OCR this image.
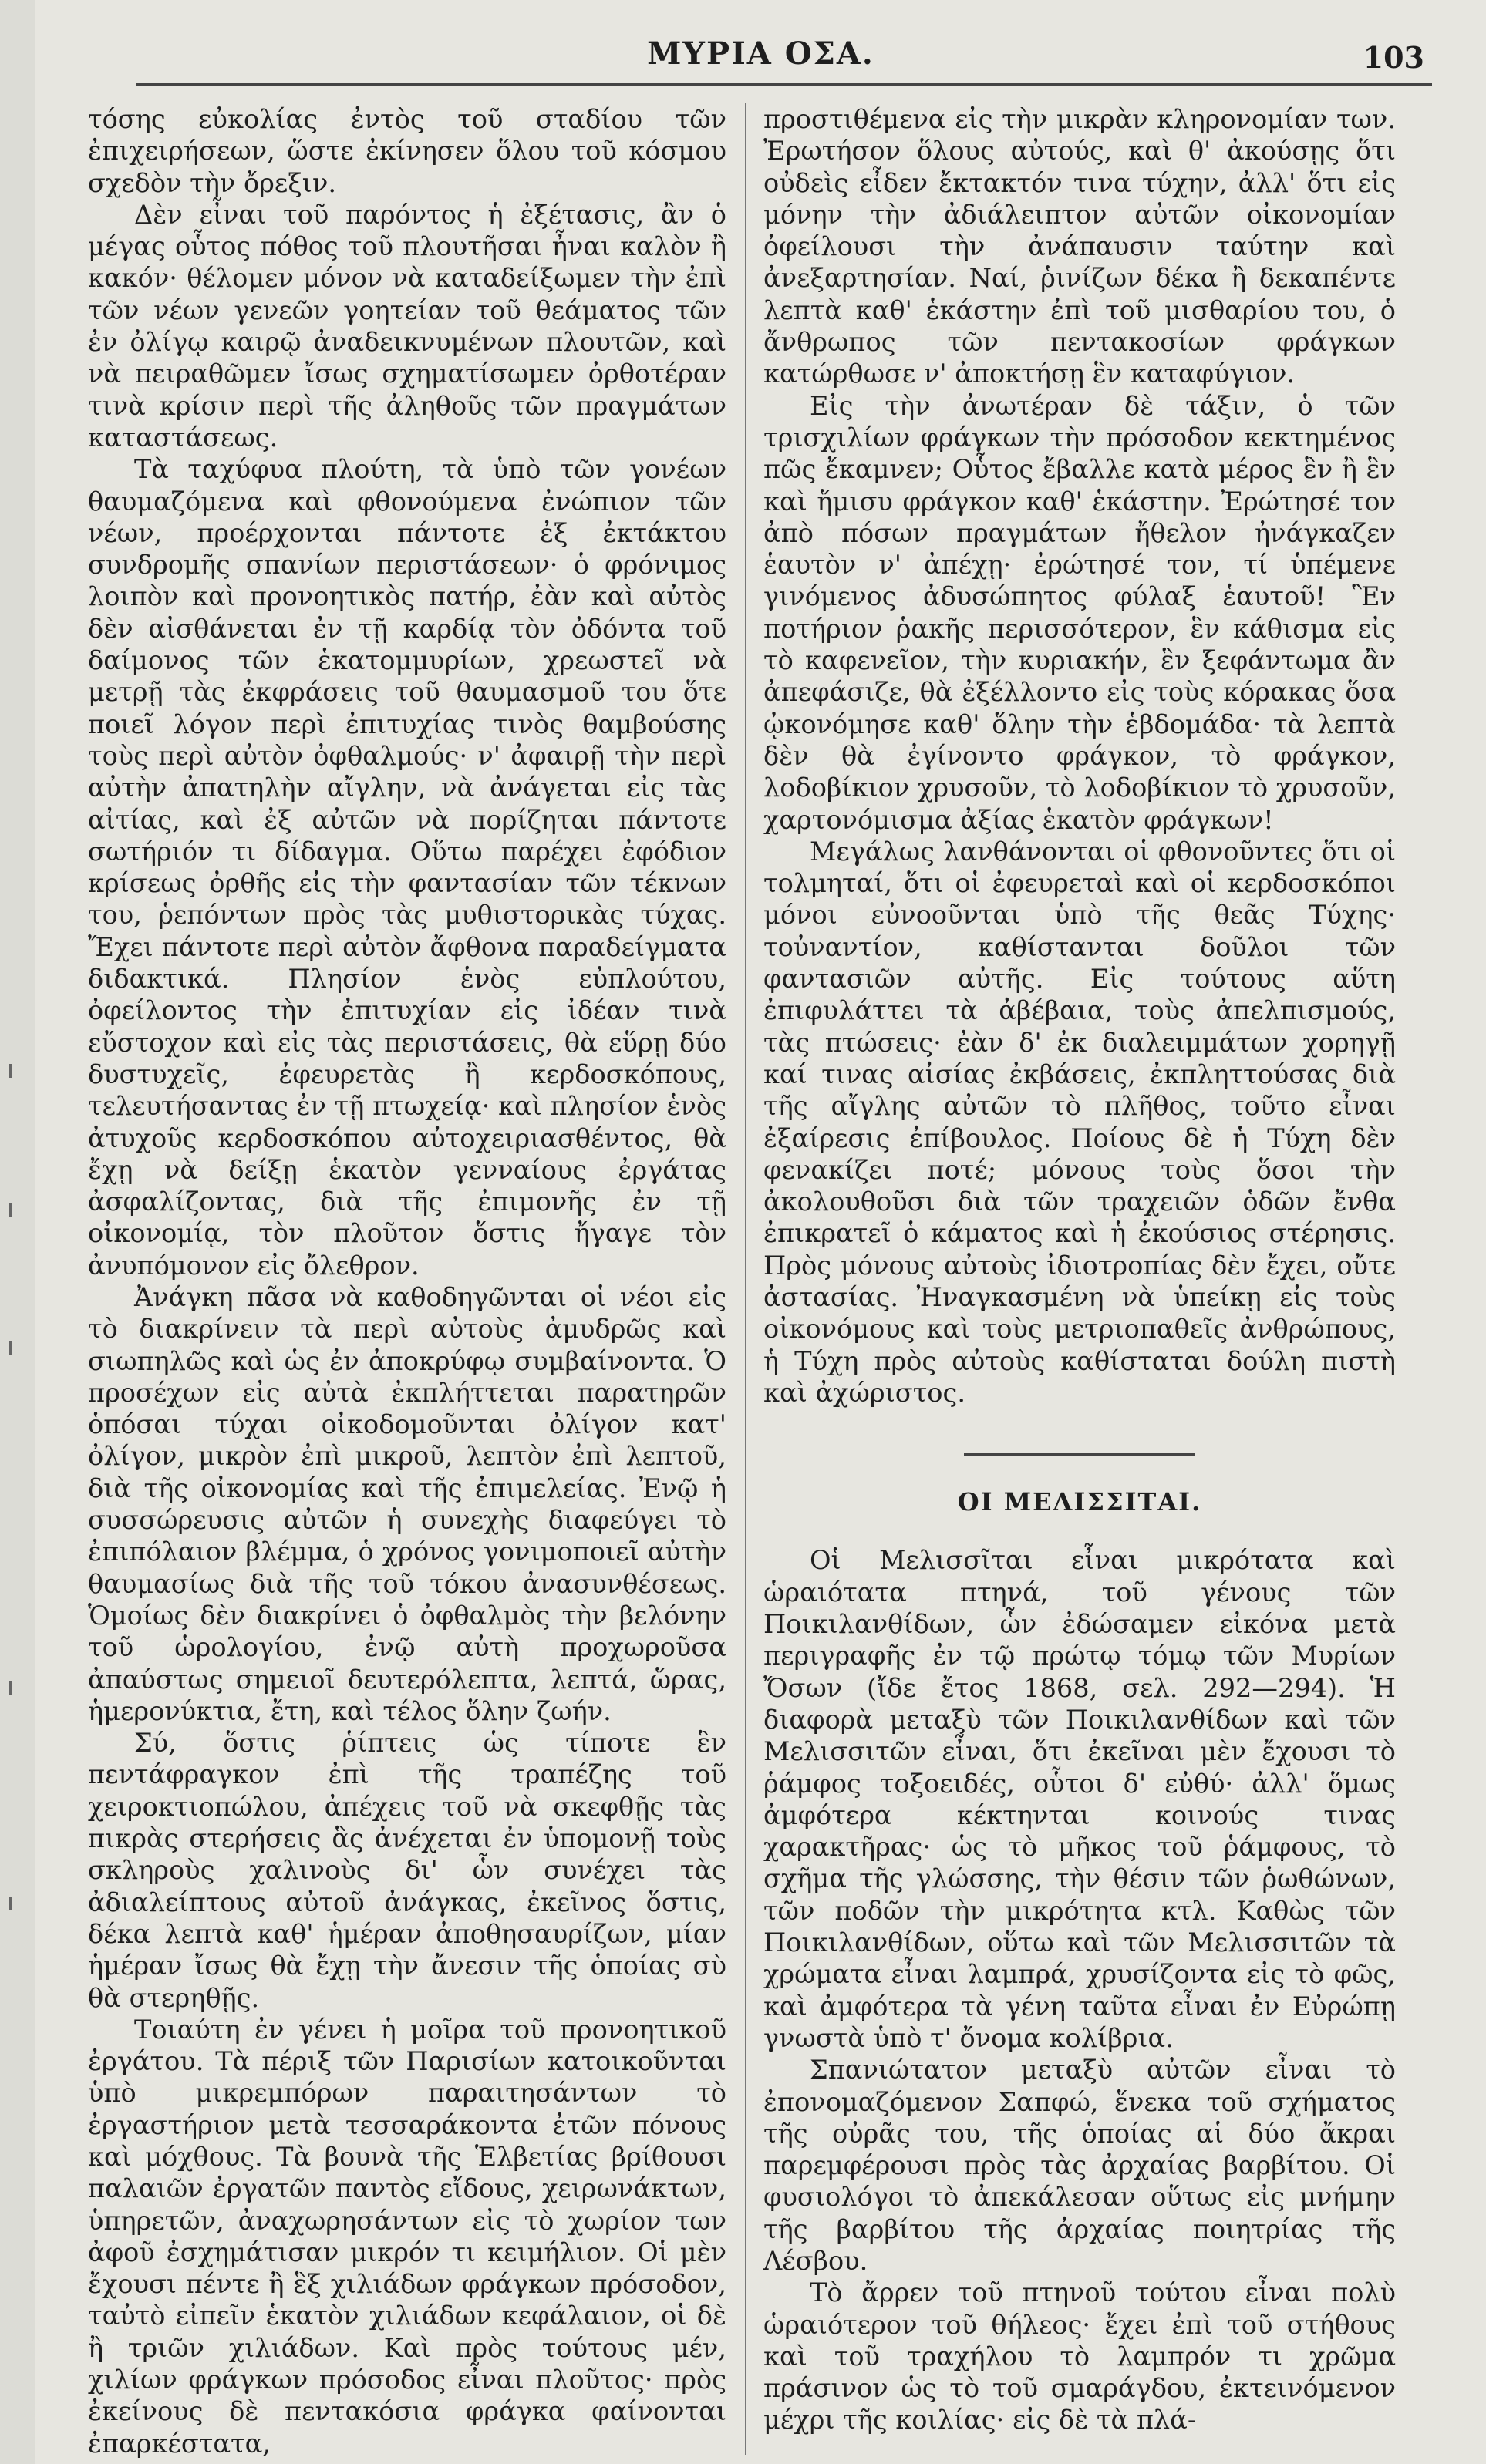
ΜΥΡΙΑ ΟΣΑ.	103

τόσης εὐκολίας ἐντὸς τοῦ σταδίου τῶν ἐπιχειρήσεων, ὥστε ἐκίνησεν ὅλου τοῦ κόσμου σχεδὸν τὴν ὄρεξιν.

Δὲν εἶναι τοῦ παρόντος ἡ ἐξέτασις, ἂν ὁ μέγας οὗτος πόθος τοῦ πλουτῆσαι ἦναι καλὸν ἢ κακόν· θέλομεν μόνον νὰ καταδείξωμεν τὴν ἐπὶ τῶν νέων γενεῶν γοητείαν τοῦ θεάματος τῶν ἐν ὀλίγῳ καιρῷ ἀναδεικνυμένων πλουτῶν, καὶ νὰ πειραθῶμεν ἴσως σχηματίσωμεν ὀρθοτέραν τινὰ κρίσιν περὶ τῆς ἀληθοῦς τῶν πραγμάτων καταστάσεως.

Τὰ ταχύφυα πλούτη, τὰ ὑπὸ τῶν γονέων θαυμαζόμενα καὶ φθονούμενα ἐνώπιον τῶν νέων, προέρχονται πάντοτε ἐξ ἐκτάκτου συνδρομῆς σπανίων περιστάσεων· ὁ φρόνιμος λοιπὸν καὶ προνοητικὸς πατήρ, ἐὰν καὶ αὐτὸς δὲν αἰσθάνεται ἐν τῇ καρδίᾳ τὸν ὀδόντα τοῦ δαίμονος τῶν ἑκατομμυρίων, χρεωστεῖ νὰ μετρῇ τὰς ἐκφράσεις τοῦ θαυμασμοῦ του ὅτε ποιεῖ λόγον περὶ ἐπιτυχίας τινὸς θαμβούσης τοὺς περὶ αὐτὸν ὀφθαλμούς· ν' ἀφαιρῇ τὴν περὶ αὐτὴν ἀπατηλὴν αἴγλην, νὰ ἀνάγεται εἰς τὰς αἰτίας, καὶ ἐξ αὐτῶν νὰ πορίζηται πάντοτε σωτήριόν τι δίδαγμα. Οὕτω παρέχει ἐφόδιον κρίσεως ὀρθῆς εἰς τὴν φαντασίαν τῶν τέκνων του, ῥεπόντων πρὸς τὰς μυθιστορικὰς τύχας. Ἔχει πάντοτε περὶ αὐτὸν ἄφθονα παραδείγματα διδακτικά. Πλησίον ἑνὸς εὐπλούτου, ὀφείλοντος τὴν ἐπιτυχίαν εἰς ἰδέαν τινὰ εὔστοχον καὶ εἰς τὰς περιστάσεις, θὰ εὕρῃ δύο δυστυχεῖς, ἐφευρετὰς ἢ κερδοσκόπους, τελευτήσαντας ἐν τῇ πτωχείᾳ· καὶ πλησίον ἑνὸς ἀτυχοῦς κερδοσκόπου αὐτοχειριασθέντος, θὰ ἔχῃ νὰ δείξῃ ἑκατὸν γενναίους ἐργάτας ἀσφαλίζοντας, διὰ τῆς ἐπιμονῆς ἐν τῇ οἰκονομίᾳ, τὸν πλοῦτον ὅστις ἤγαγε τὸν ἀνυπόμονον εἰς ὄλεθρον.

Ἀνάγκη πᾶσα νὰ καθοδηγῶνται οἱ νέοι εἰς τὸ διακρίνειν τὰ περὶ αὐτοὺς ἀμυδρῶς καὶ σιωπηλῶς καὶ ὡς ἐν ἀποκρύφῳ συμβαίνοντα. Ὁ προσέχων εἰς αὐτὰ ἐκπλήττεται παρατηρῶν ὁπόσαι τύχαι οἰκοδομοῦνται ὀλίγον κατ' ὀλίγον, μικρὸν ἐπὶ μικροῦ, λεπτὸν ἐπὶ λεπτοῦ, διὰ τῆς οἰκονομίας καὶ τῆς ἐπιμελείας. Ἐνῷ ἡ συσσώρευσις αὐτῶν ἡ συνεχὴς διαφεύγει τὸ ἐπιπόλαιον βλέμμα, ὁ χρόνος γονιμοποιεῖ αὐτὴν θαυμασίως διὰ τῆς τοῦ τόκου ἀνασυνθέσεως. Ὁμοίως δὲν διακρίνει ὁ ὀφθαλμὸς τὴν βελόνην τοῦ ὡρολογίου, ἐνῷ αὐτὴ προχωροῦσα ἀπαύστως σημειοῖ δευτερόλεπτα, λεπτά, ὥρας, ἡμερονύκτια, ἔτη, καὶ τέλος ὅλην ζωήν.

Σύ, ὅστις ῥίπτεις ὡς τίποτε ἓν πεντάφραγκον ἐπὶ τῆς τραπέζης τοῦ χειροκτιοπώλου, ἀπέχεις τοῦ νὰ σκεφθῇς τὰς πικρὰς στερήσεις ἃς ἀνέχεται ἐν ὑπομονῇ τοὺς σκληροὺς χαλινοὺς δι' ὧν συνέχει τὰς ἀδιαλείπτους αὐτοῦ ἀνάγκας, ἐκεῖνος ὅστις, δέκα λεπτὰ καθ' ἡμέραν ἀποθησαυρίζων, μίαν ἡμέραν ἴσως θὰ ἔχῃ τὴν ἄνεσιν τῆς ὁποίας σὺ θὰ στερηθῇς.

Τοιαύτη ἐν γένει ἡ μοῖρα τοῦ προνοητικοῦ ἐργάτου. Τὰ πέριξ τῶν Παρισίων κατοικοῦνται ὑπὸ μικρεμπόρων παραιτησάντων τὸ ἐργαστήριον μετὰ τεσσαράκοντα ἐτῶν πόνους καὶ μόχθους. Τὰ βουνὰ τῆς Ἑλβετίας βρίθουσι παλαιῶν ἐργατῶν παντὸς εἴδους, χειρωνάκτων, ὑπηρετῶν, ἀναχωρησάντων εἰς τὸ χωρίον των ἀφοῦ ἐσχημάτισαν μικρόν τι κειμήλιον. Οἱ μὲν ἔχουσι πέντε ἢ ἓξ χιλιάδων φράγκων πρόσοδον, ταὐτὸ εἰπεῖν ἑκατὸν χιλιάδων κεφάλαιον, οἱ δὲ ἢ τριῶν χιλιάδων. Καὶ πρὸς τούτους μέν, χιλίων φράγκων πρόσοδος εἶναι πλοῦτος· πρὸς ἐκείνους δὲ πεντακόσια φράγκα φαίνονται ἐπαρκέστατα,

προστιθέμενα εἰς τὴν μικρὰν κληρονομίαν των. Ἐρωτήσον ὅλους αὐτούς, καὶ θ' ἀκούσῃς ὅτι οὐδεὶς εἶδεν ἔκτακτόν τινα τύχην, ἀλλ' ὅτι εἰς μόνην τὴν ἀδιάλειπτον αὐτῶν οἰκονομίαν ὀφείλουσι τὴν ἀνάπαυσιν ταύτην καὶ ἀνεξαρτησίαν. Ναί, ῥινίζων δέκα ἢ δεκαπέντε λεπτὰ καθ' ἑκάστην ἐπὶ τοῦ μισθαρίου του, ὁ ἄνθρωπος τῶν πεντακοσίων φράγκων κατώρθωσε ν' ἀποκτήσῃ ἓν καταφύγιον.

Εἰς τὴν ἀνωτέραν δὲ τάξιν, ὁ τῶν τρισχιλίων φράγκων τὴν πρόσοδον κεκτημένος πῶς ἔκαμνεν; Οὗτος ἔβαλλε κατὰ μέρος ἓν ἢ ἓν καὶ ἥμισυ φράγκον καθ' ἑκάστην. Ἐρώτησέ τον ἀπὸ πόσων πραγμάτων ἤθελον ἠνάγκαζεν ἑαυτὸν ν' ἀπέχῃ· ἐρώτησέ τον, τί ὑπέμενε γινόμενος ἀδυσώπητος φύλαξ ἑαυτοῦ! Ἓν ποτήριον ῥακῆς περισσότερον, ἓν κάθισμα εἰς τὸ καφενεῖον, τὴν κυριακήν, ἓν ξεφάντωμα ἂν ἀπεφάσιζε, θὰ ἐξέλλοντο εἰς τοὺς κόρακας ὅσα ᾠκονόμησε καθ' ὅλην τὴν ἑβδομάδα· τὰ λεπτὰ δὲν θὰ ἐγίνοντο φράγκον, τὸ φράγκον, λοδοβίκιον χρυσοῦν, τὸ λοδοβίκιον τὸ χρυσοῦν, χαρτονόμισμα ἀξίας ἑκατὸν φράγκων!

Μεγάλως λανθάνονται οἱ φθονοῦντες ὅτι οἱ τολμηταί, ὅτι οἱ ἐφευρεταὶ καὶ οἱ κερδοσκόποι μόνοι εὐνοοῦνται ὑπὸ τῆς θεᾶς Τύχης· τοὐναντίον, καθίστανται δοῦλοι τῶν φαντασιῶν αὐτῆς. Εἰς τούτους αὕτη ἐπιφυλάττει τὰ ἀβέβαια, τοὺς ἀπελπισμούς, τὰς πτώσεις· ἐὰν δ' ἐκ διαλειμμάτων χορηγῇ καί τινας αἰσίας ἐκβάσεις, ἐκπληττούσας διὰ τῆς αἴγλης αὐτῶν τὸ πλῆθος, τοῦτο εἶναι ἐξαίρεσις ἐπίβουλος. Ποίους δὲ ἡ Τύχη δὲν φενακίζει ποτέ; μόνους τοὺς ὅσοι τὴν ἀκολουθοῦσι διὰ τῶν τραχειῶν ὁδῶν ἔνθα ἐπικρατεῖ ὁ κάματος καὶ ἡ ἐκούσιος στέρησις. Πρὸς μόνους αὐτοὺς ἰδιοτροπίας δὲν ἔχει, οὔτε ἀστασίας. Ἠναγκασμένη νὰ ὑπείκῃ εἰς τοὺς οἰκονόμους καὶ τοὺς μετριοπαθεῖς ἀνθρώπους, ἡ Τύχη πρὸς αὐτοὺς καθίσταται δούλη πιστὴ καὶ ἀχώριστος.

ΟΙ ΜΕΛΙΣΣΙΤΑΙ.

Οἱ Μελισσῖται εἶναι μικρότατα καὶ ὡραιότατα πτηνά, τοῦ γένους τῶν Ποικιλανθίδων, ὧν ἐδώσαμεν εἰκόνα μετὰ περιγραφῆς ἐν τῷ πρώτῳ τόμῳ τῶν Μυρίων Ὄσων (ἴδε ἔτος 1868, σελ. 292—294). Ἡ διαφορὰ μεταξὺ τῶν Ποικιλανθίδων καὶ τῶν Μελισσιτῶν εἶναι, ὅτι ἐκεῖναι μὲν ἔχουσι τὸ ῥάμφος τοξοειδές, οὗτοι δ' εὐθύ· ἀλλ' ὅμως ἀμφότερα κέκτηνται κοινούς τινας χαρακτῆρας· ὡς τὸ μῆκος τοῦ ῥάμφους, τὸ σχῆμα τῆς γλώσσης, τὴν θέσιν τῶν ῥωθώνων, τῶν ποδῶν τὴν μικρότητα κτλ. Καθὼς τῶν Ποικιλανθίδων, οὕτω καὶ τῶν Μελισσιτῶν τὰ χρώματα εἶναι λαμπρά, χρυσίζοντα εἰς τὸ φῶς, καὶ ἀμφότερα τὰ γένη ταῦτα εἶναι ἐν Εὐρώπῃ γνωστὰ ὑπὸ τ' ὄνομα κολίβρια.

Σπανιώτατον μεταξὺ αὐτῶν εἶναι τὸ ἐπονομαζόμενον Σαπφώ, ἕνεκα τοῦ σχήματος τῆς οὐρᾶς του, τῆς ὁποίας αἱ δύο ἄκραι παρεμφέρουσι πρὸς τὰς ἀρχαίας βαρβίτου. Οἱ φυσιολόγοι τὸ ἀπεκάλεσαν οὕτως εἰς μνήμην τῆς βαρβίτου τῆς ἀρχαίας ποιητρίας τῆς Λέσβου.

Τὸ ἄρρεν τοῦ πτηνοῦ τούτου εἶναι πολὺ ὡραιότερον τοῦ θήλεος· ἔχει ἐπὶ τοῦ στήθους καὶ τοῦ τραχήλου τὸ λαμπρόν τι χρῶμα πράσινον ὡς τὸ τοῦ σμαράγδου, ἐκτεινόμενον μέχρι τῆς κοιλίας· εἰς δὲ τὰ πλά-
